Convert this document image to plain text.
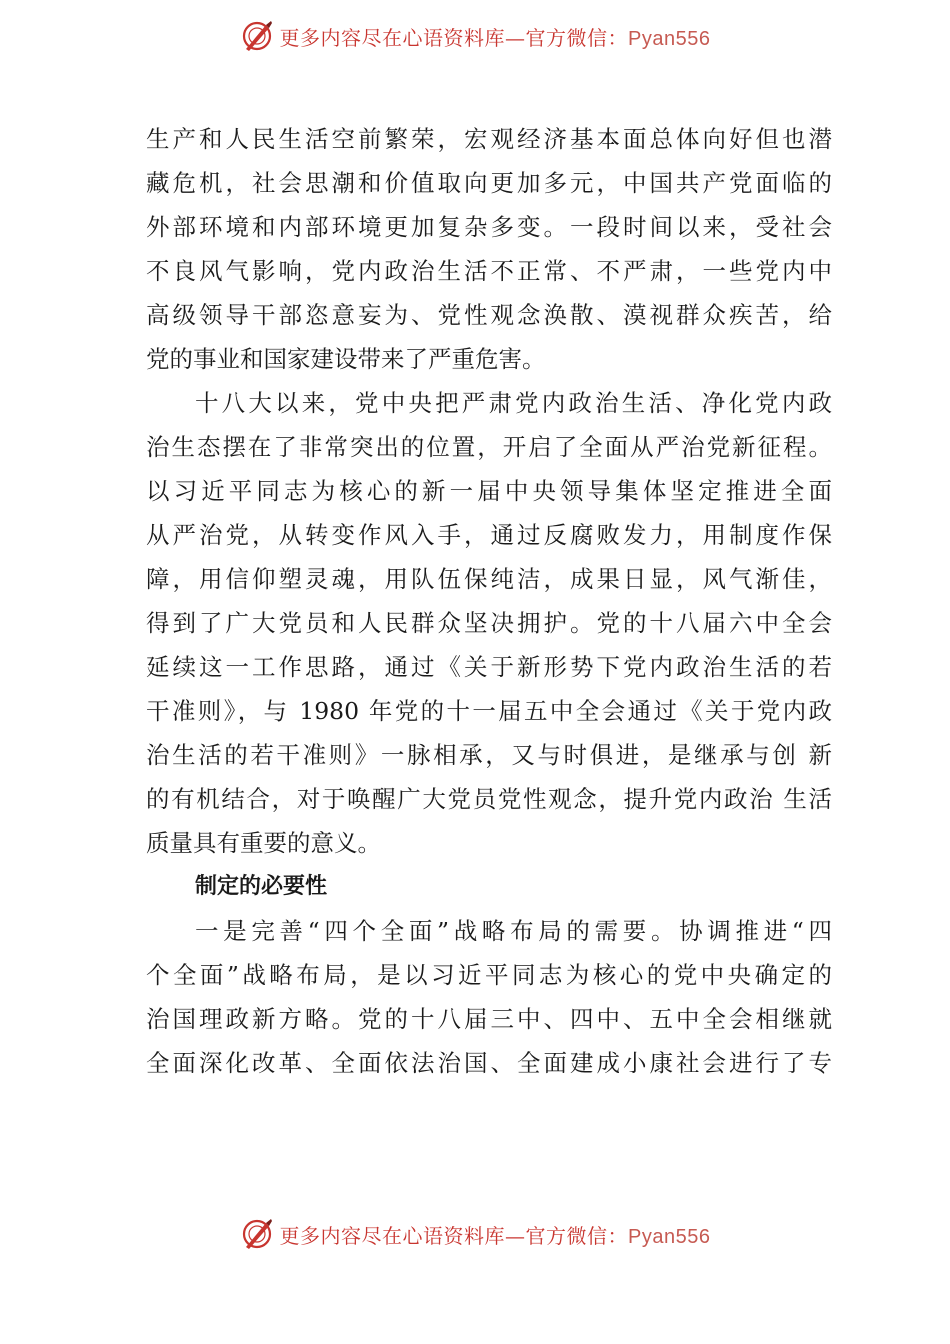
更多内容尽在心语资料库—官方微信：Pyan556
生产和人民生活空前繁荣，宏观经济基本面总体向好但也潜
藏危机，社会思潮和价值取向更加多元，中国共产党面临的
外部环境和内部环境更加复杂多变。一段时间以来，受社会
不良风气影响，党内政治生活不正常、不严肃，一些党内中
高级领导干部恣意妄为、党性观念涣散、漠视群众疾苦，给
党的事业和国家建设带来了严重危害。
十八大以来，党中央把严肃党内政治生活、净化党内政
治生态摆在了非常突出的位置，开启了全面从严治党新征程。
以习近平同志为核心的新一届中央领导集体坚定推进全面
从严治党，从转变作风入手，通过反腐败发力，用制度作保
障，用信仰塑灵魂，用队伍保纯洁，成果日显，风气渐佳，
得到了广大党员和人民群众坚决拥护。党的十八届六中全会
延续这一工作思路，通过《关于新形势下党内政治生活的若
干准则》，与 1980 年党的十一届五中全会通过《关于党内政
治生活的若干准则》一脉相承，又与时俱进，是继承与创 新
的有机结合，对于唤醒广大党员党性观念，提升党内政治 生活
质量具有重要的意义。
制定的必要性
一是完善“四个全面”战略布局的需要。协调推进“四
个全面”战略布局，是以习近平同志为核心的党中央确定的
治国理政新方略。党的十八届三中、四中、五中全会相继就
全面深化改革、全面依法治国、全面建成小康社会进行了专
更多内容尽在心语资料库—官方微信：Pyan556
